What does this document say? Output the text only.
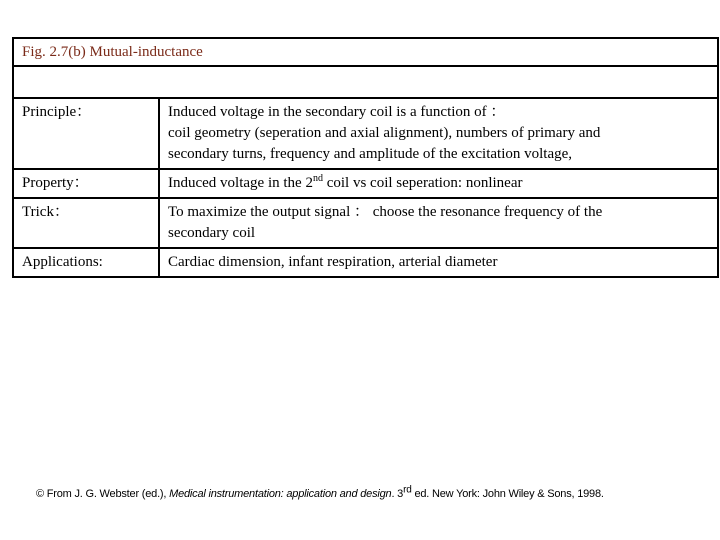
Fig. 2.7(b) Mutual-inductance
Principle：	Induced voltage in the secondary coil is a function of ：
coil geometry (seperation and axial alignment), numbers of primary and
secondary turns, frequency and amplitude of the excitation voltage,

Property：	Induced voltage in the 2nd coil vs coil seperation: nonlinear
Trick：	To maximize the output signal ： choose the resonance frequency of the
secondary coil

Applications:	Cardiac dimension, infant respiration, arterial diameter
© From J. G. Webster (ed.), Medical instrumentation: application and design. 3rd ed. New York: John Wiley & Sons, 1998.
